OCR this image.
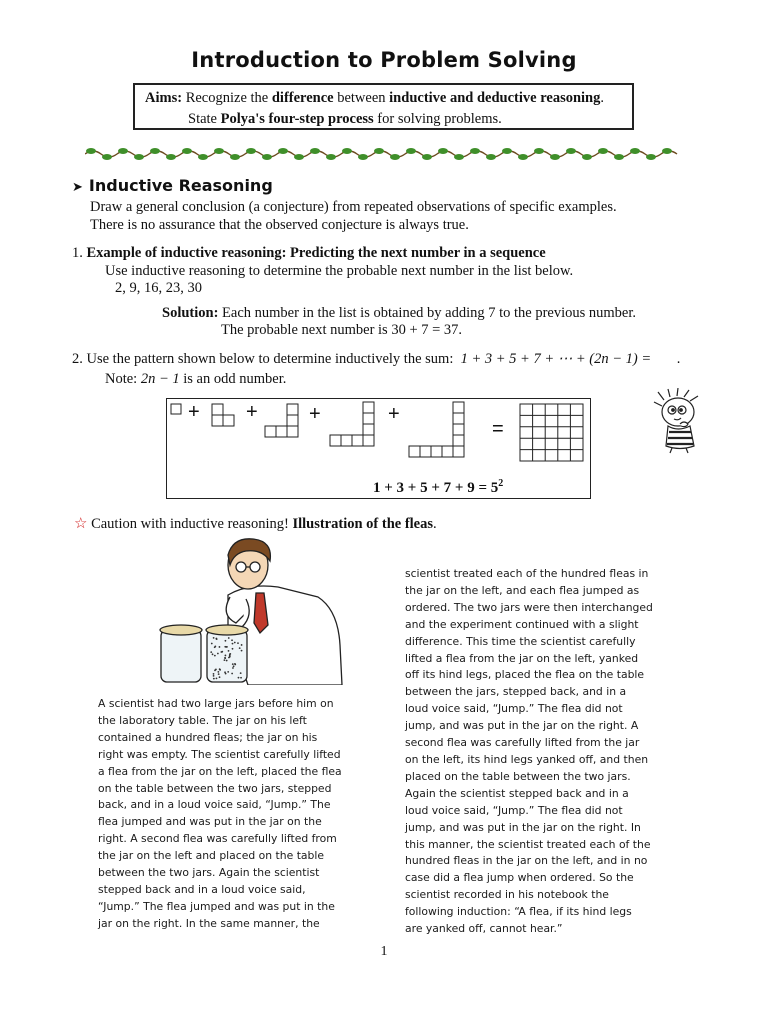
Introduction to Problem Solving
Aims: Recognize the difference between inductive and deductive reasoning.
State Polya's four-step process for solving problems.
➤ Inductive Reasoning
Draw a general conclusion (a conjecture) from repeated observations of specific examples.
There is no assurance that the observed conjecture is always true.
1. Example of inductive reasoning: Predicting the next number in a sequence
Use inductive reasoning to determine the probable next number in the list below.
2, 9, 16, 23, 30
Solution: Each number in the list is obtained by adding 7 to the previous number.
The probable next number is 30 + 7 = 37.
2. Use the pattern shown below to determine inductively the sum: 1 + 3 + 5 + 7 + ⋯ + (2n − 1) = .
Note: 2n − 1 is an odd number.
+ +	+	+
=
$1 + 3 + 5 + 7 + 9 = 5^2$
☆ Caution with inductive reasoning! Illustration of the fleas.
A scientist had two large jars before him on
the laboratory table. The jar on his left
contained a hundred fleas; the jar on his
right was empty. The scientist carefully lifted
a flea from the jar on the left, placed the flea
on the table between the two jars, stepped
back, and in a loud voice said, “Jump.” The
flea jumped and was put in the jar on the
right. A second flea was carefully lifted from
the jar on the left and placed on the table
between the two jars. Again the scientist
stepped back and in a loud voice said,
“Jump.” The flea jumped and was put in the
jar on the right. In the same manner, the
scientist treated each of the hundred fleas in
the jar on the left, and each flea jumped as
ordered. The two jars were then interchanged
and the experiment continued with a slight
difference. This time the scientist carefully
lifted a flea from the jar on the left, yanked
off its hind legs, placed the flea on the table
between the jars, stepped back, and in a
loud voice said, “Jump.” The flea did not
jump, and was put in the jar on the right. A
second flea was carefully lifted from the jar
on the left, its hind legs yanked off, and then
placed on the table between the two jars.
Again the scientist stepped back and in a
loud voice said, “Jump.” The flea did not
jump, and was put in the jar on the right. In
this manner, the scientist treated each of the
hundred fleas in the jar on the left, and in no
case did a flea jump when ordered. So the
scientist recorded in his notebook the
following induction: “A flea, if its hind legs
are yanked off, cannot hear.”
1
